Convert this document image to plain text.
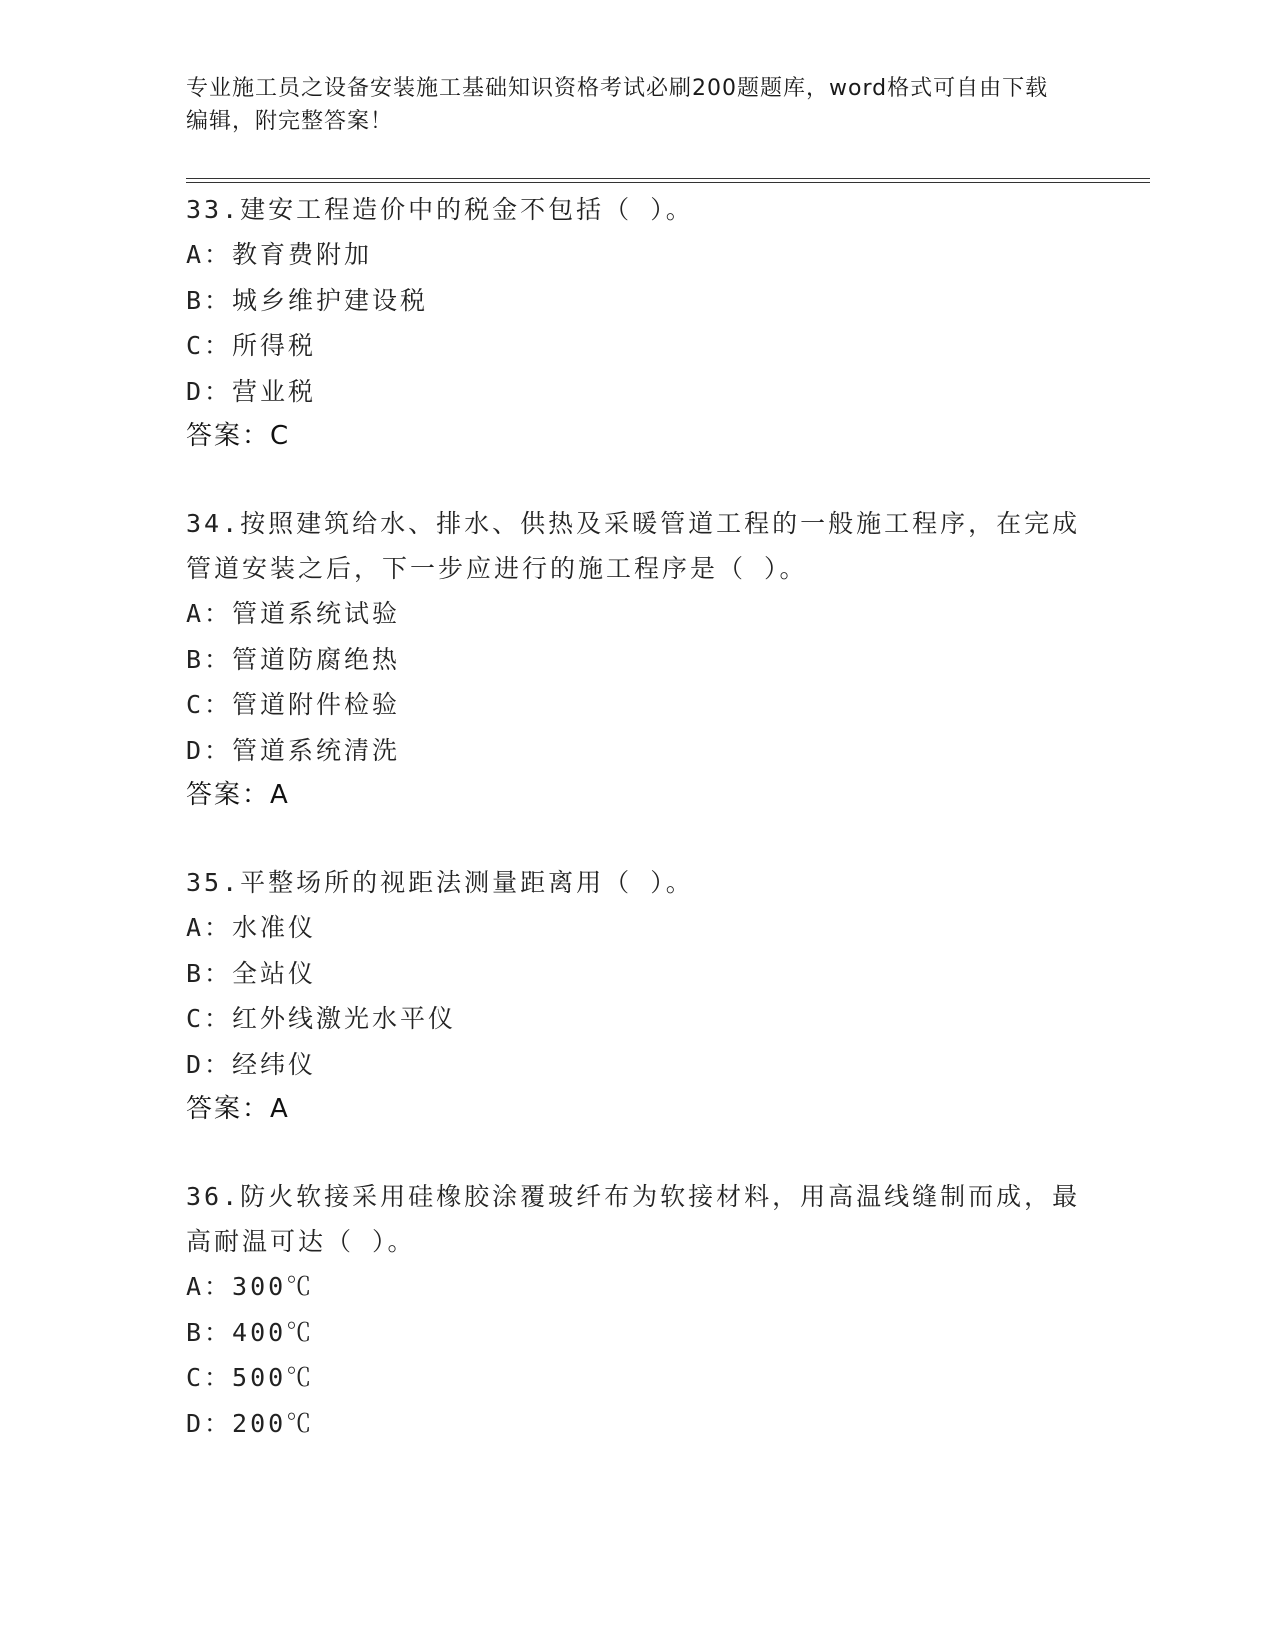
专业施工员之设备安装施工基础知识资格考试必刷200题题库，word格式可自由下载编辑，附完整答案！

33.建安工程造价中的税金不包括（ ）。

A：教育费附加

B：城乡维护建设税

C：所得税

D：营业税

答案：C

34.按照建筑给水、排水、供热及采暖管道工程的一般施工程序，在完成管道安装之后，下一步应进行的施工程序是（ ）。

A：管道系统试验

B：管道防腐绝热

C：管道附件检验

D：管道系统清洗

答案：A

35.平整场所的视距法测量距离用（ ）。

A：水准仪

B：全站仪

C：红外线激光水平仪

D：经纬仪

答案：A

36.防火软接采用硅橡胶涂覆玻纤布为软接材料，用高温线缝制而成，最高耐温可达（ ）。

A：300℃

B：400℃

C：500℃

D：200℃
